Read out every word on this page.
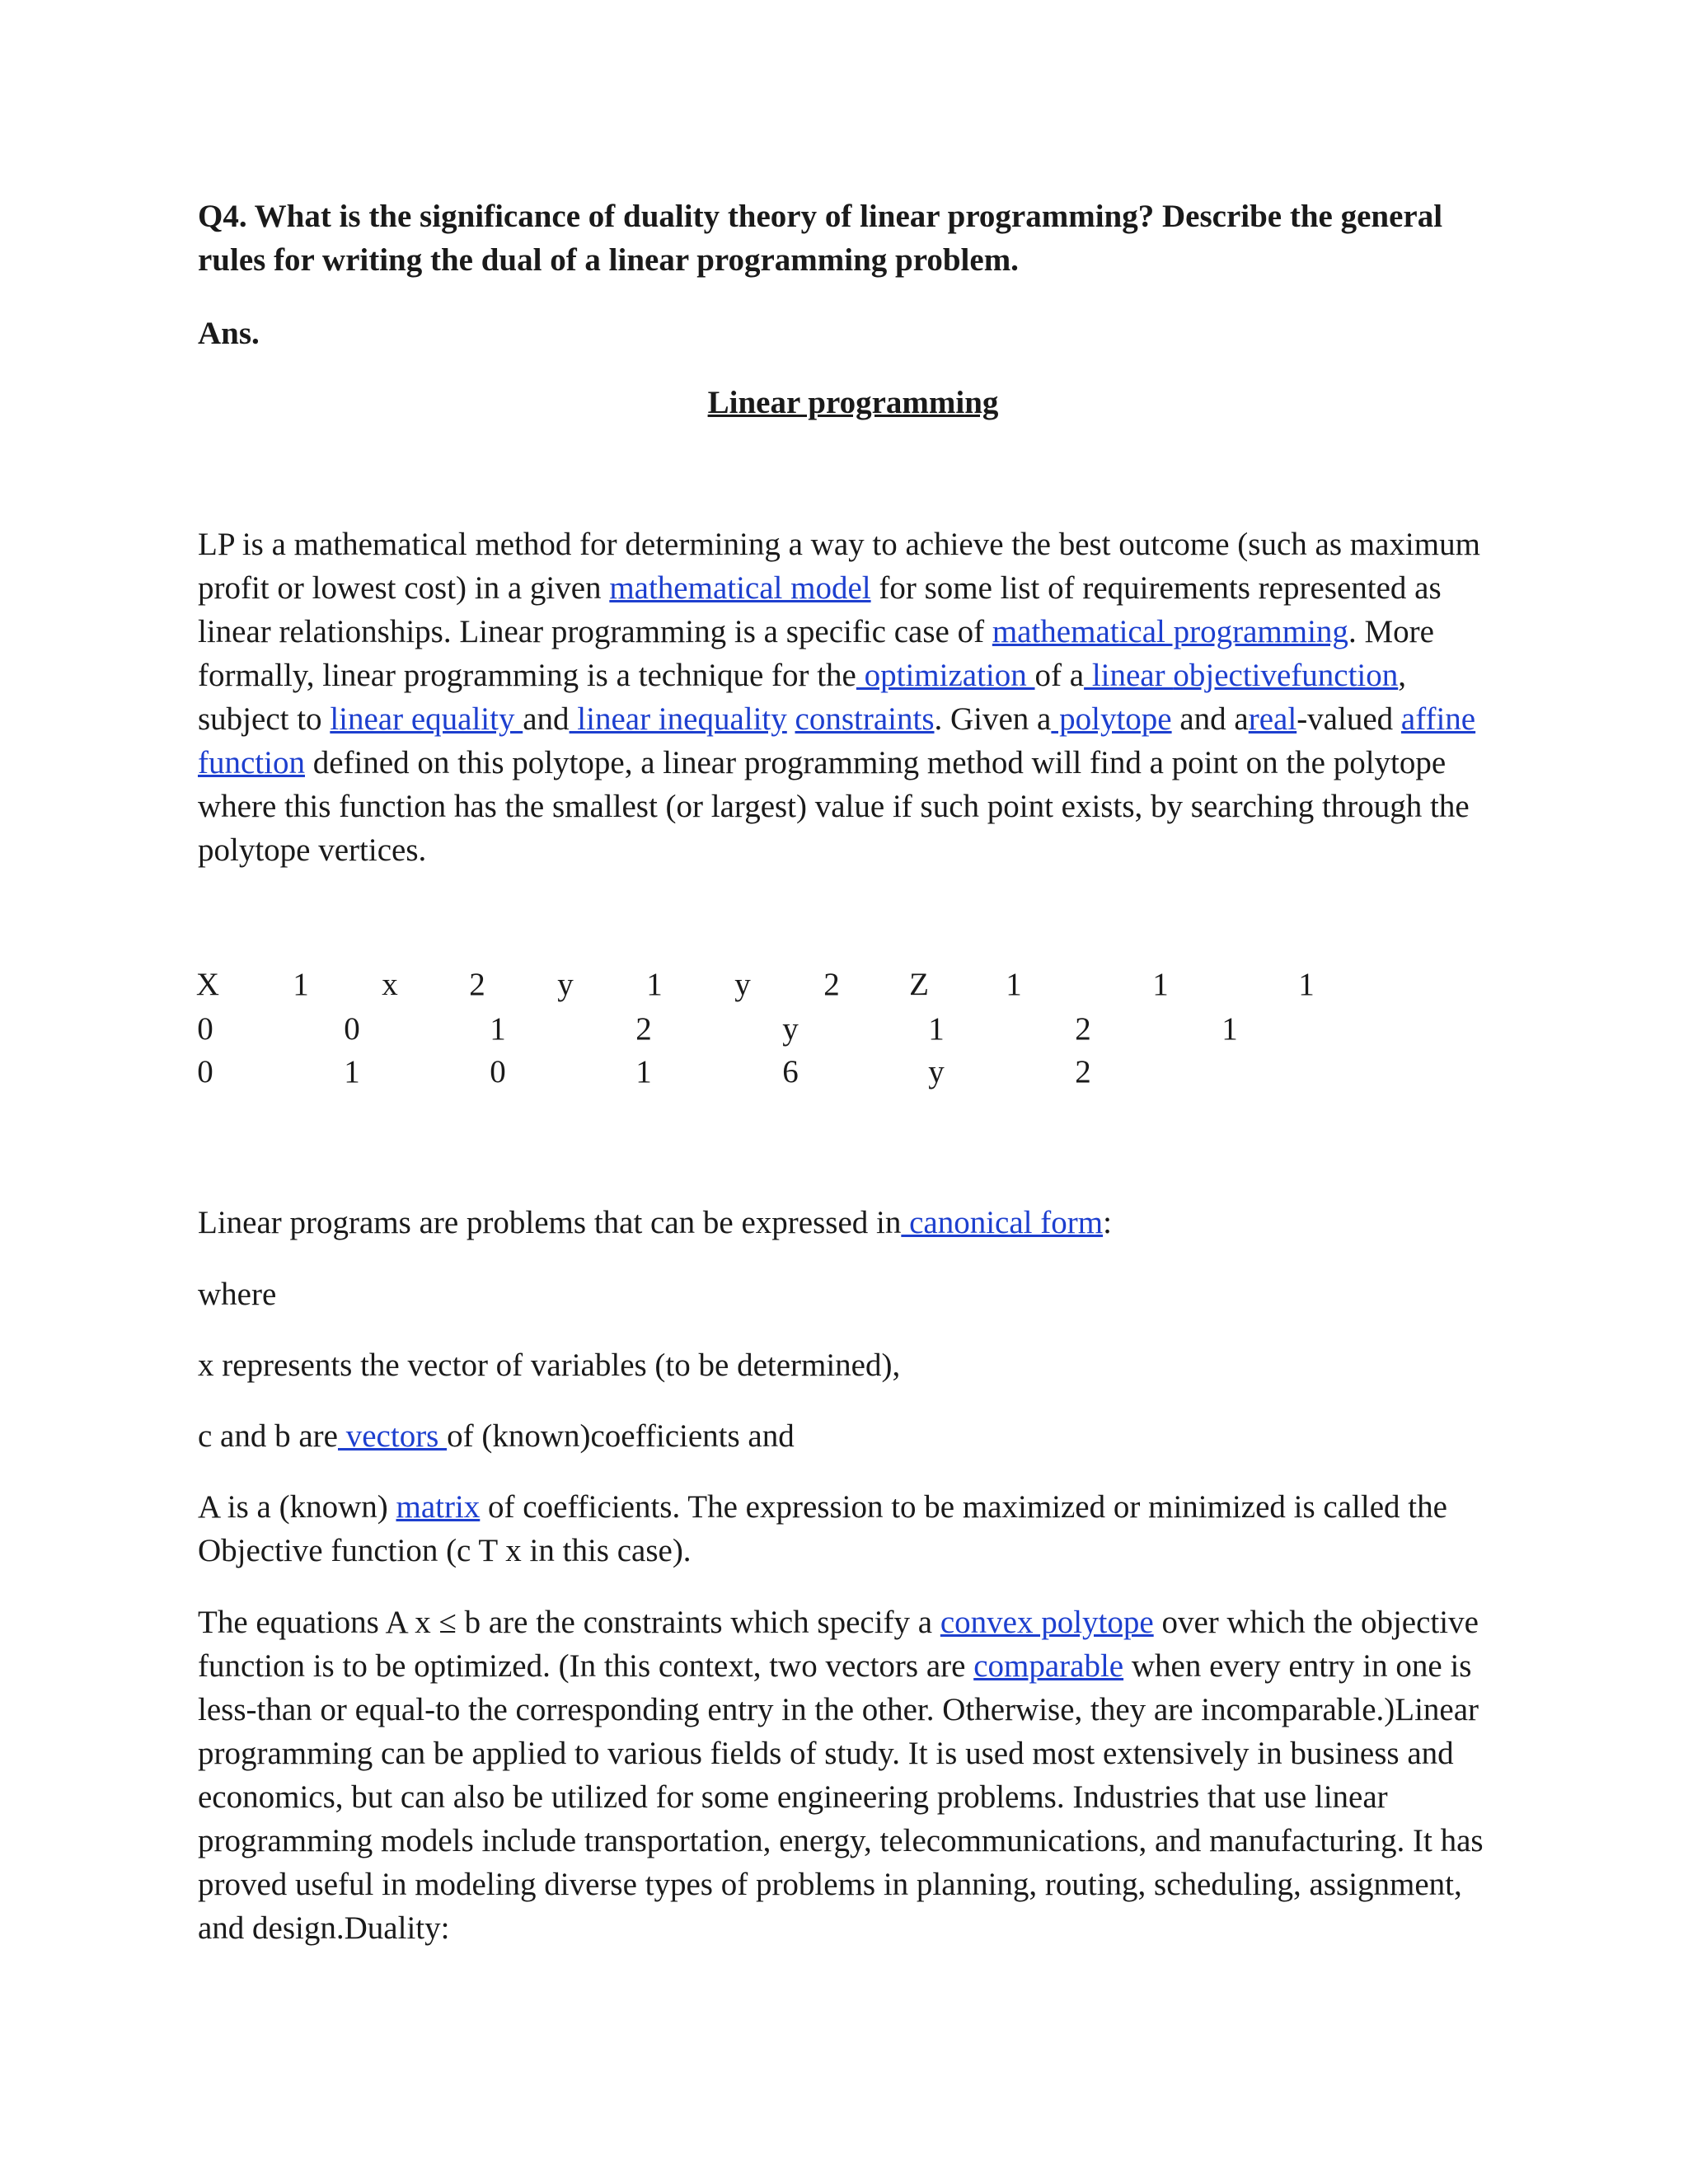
Q4. What is the significance of duality theory of linear programming? Describe the general rules for writing the dual of a linear programming problem.

Ans.

Linear programming

LP is a mathematical method for determining a way to achieve the best outcome (such as maximum profit or lowest cost) in a given mathematical model for some list of requirements represented as linear relationships. Linear programming is a specific case of mathematical programming. More formally, linear programming is a technique for the optimization of a linear objectivefunction, subject to linear equality and linear inequality constraints. Given a polytope and areal-valued affine function defined on this polytope, a linear programming method will find a point on the polytope where this function has the smallest (or largest) value if such point exists, by searching through the polytope vertices.

X	1	x	2	y	1	y	2	Z	1	1	1
0	0	1	2	y	1	2	1
0	1	0	1	6	y	2

Linear programs are problems that can be expressed in canonical form:

where

x represents the vector of variables (to be determined),

c and b are vectors of (known)coefficients and

A is a (known) matrix of coefficients. The expression to be maximized or minimized is called the Objective function (c T x in this case).

The equations A x ≤ b are the constraints which specify a convex polytope over which the objective function is to be optimized. (In this context, two vectors are comparable when every entry in one is less-than or equal-to the corresponding entry in the other. Otherwise, they are incomparable.)Linear programming can be applied to various fields of study. It is used most extensively in business and economics, but can also be utilized for some engineering problems. Industries that use linear programming models include transportation, energy, telecommunications, and manufacturing. It has proved useful in modeling diverse types of problems in planning, routing, scheduling, assignment, and design.Duality:
